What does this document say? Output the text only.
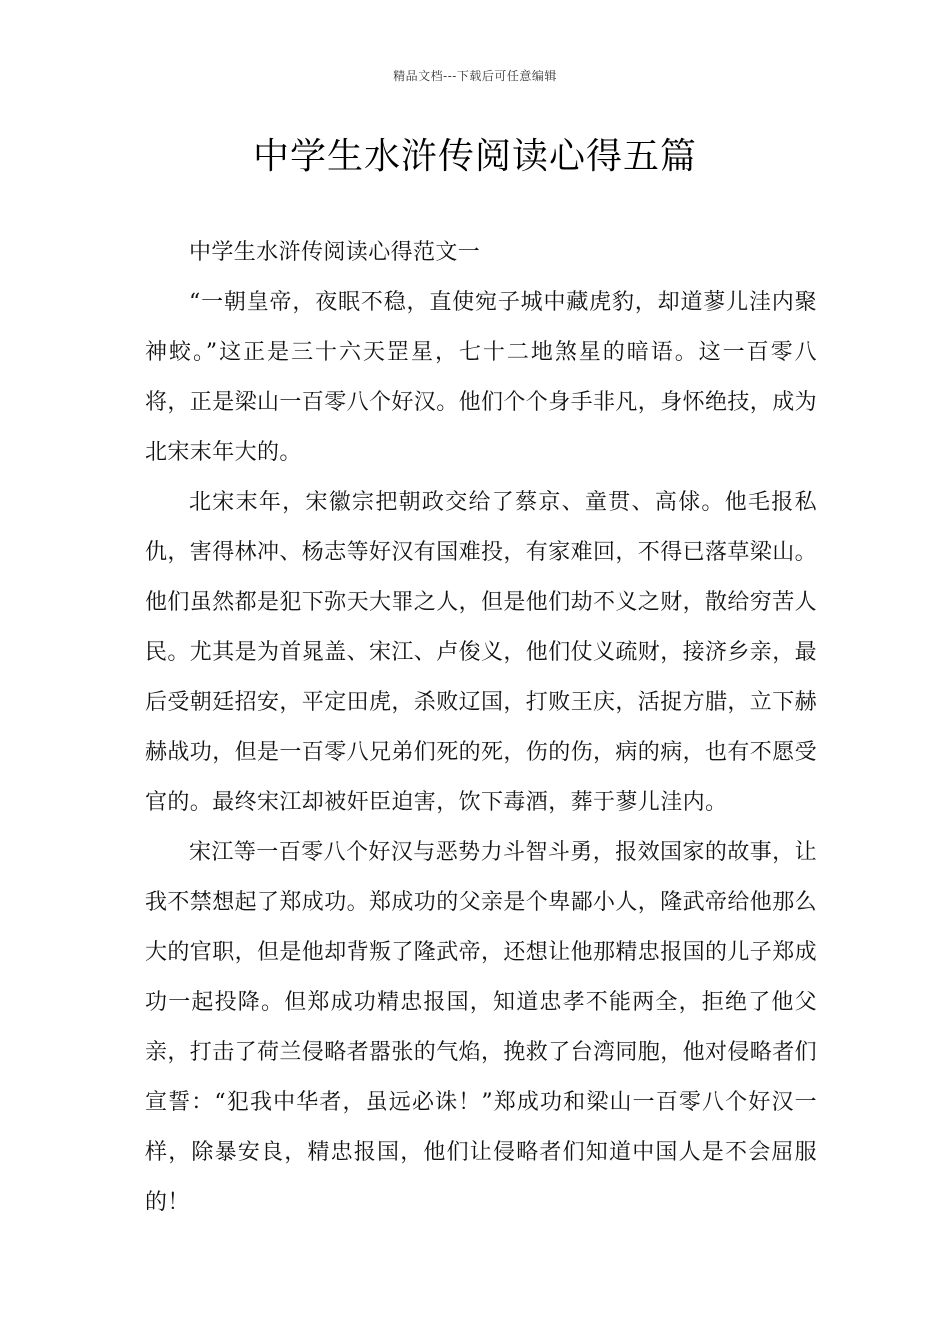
精品文档---下载后可任意编辑
中学生水浒传阅读心得五篇

中学生水浒传阅读心得范文一

“一朝皇帝，夜眠不稳，直使宛子城中藏虎豹，却道蓼儿洼内聚神蛟。”这正是三十六天罡星，七十二地煞星的暗语。这一百零八将，正是梁山一百零八个好汉。他们个个身手非凡，身怀绝技，成为北宋末年大的。

北宋末年，宋徽宗把朝政交给了蔡京、童贯、高俅。他毛报私仇，害得林冲、杨志等好汉有国难投，有家难回，不得已落草梁山。他们虽然都是犯下弥天大罪之人，但是他们劫不义之财，散给穷苦人民。尤其是为首晁盖、宋江、卢俊义，他们仗义疏财，接济乡亲，最后受朝廷招安，平定田虎，杀败辽国，打败王庆，活捉方腊，立下赫赫战功，但是一百零八兄弟们死的死，伤的伤，病的病，也有不愿受官的。最终宋江却被奸臣迫害，饮下毒酒，葬于蓼儿洼内。

宋江等一百零八个好汉与恶势力斗智斗勇，报效国家的故事，让我不禁想起了郑成功。郑成功的父亲是个卑鄙小人，隆武帝给他那么大的官职，但是他却背叛了隆武帝，还想让他那精忠报国的儿子郑成功一起投降。但郑成功精忠报国，知道忠孝不能两全，拒绝了他父亲，打击了荷兰侵略者嚣张的气焰，挽救了台湾同胞，他对侵略者们宣誓：“犯我中华者，虽远必诛！”郑成功和梁山一百零八个好汉一样，除暴安良，精忠报国，他们让侵略者们知道中国人是不会屈服的！
